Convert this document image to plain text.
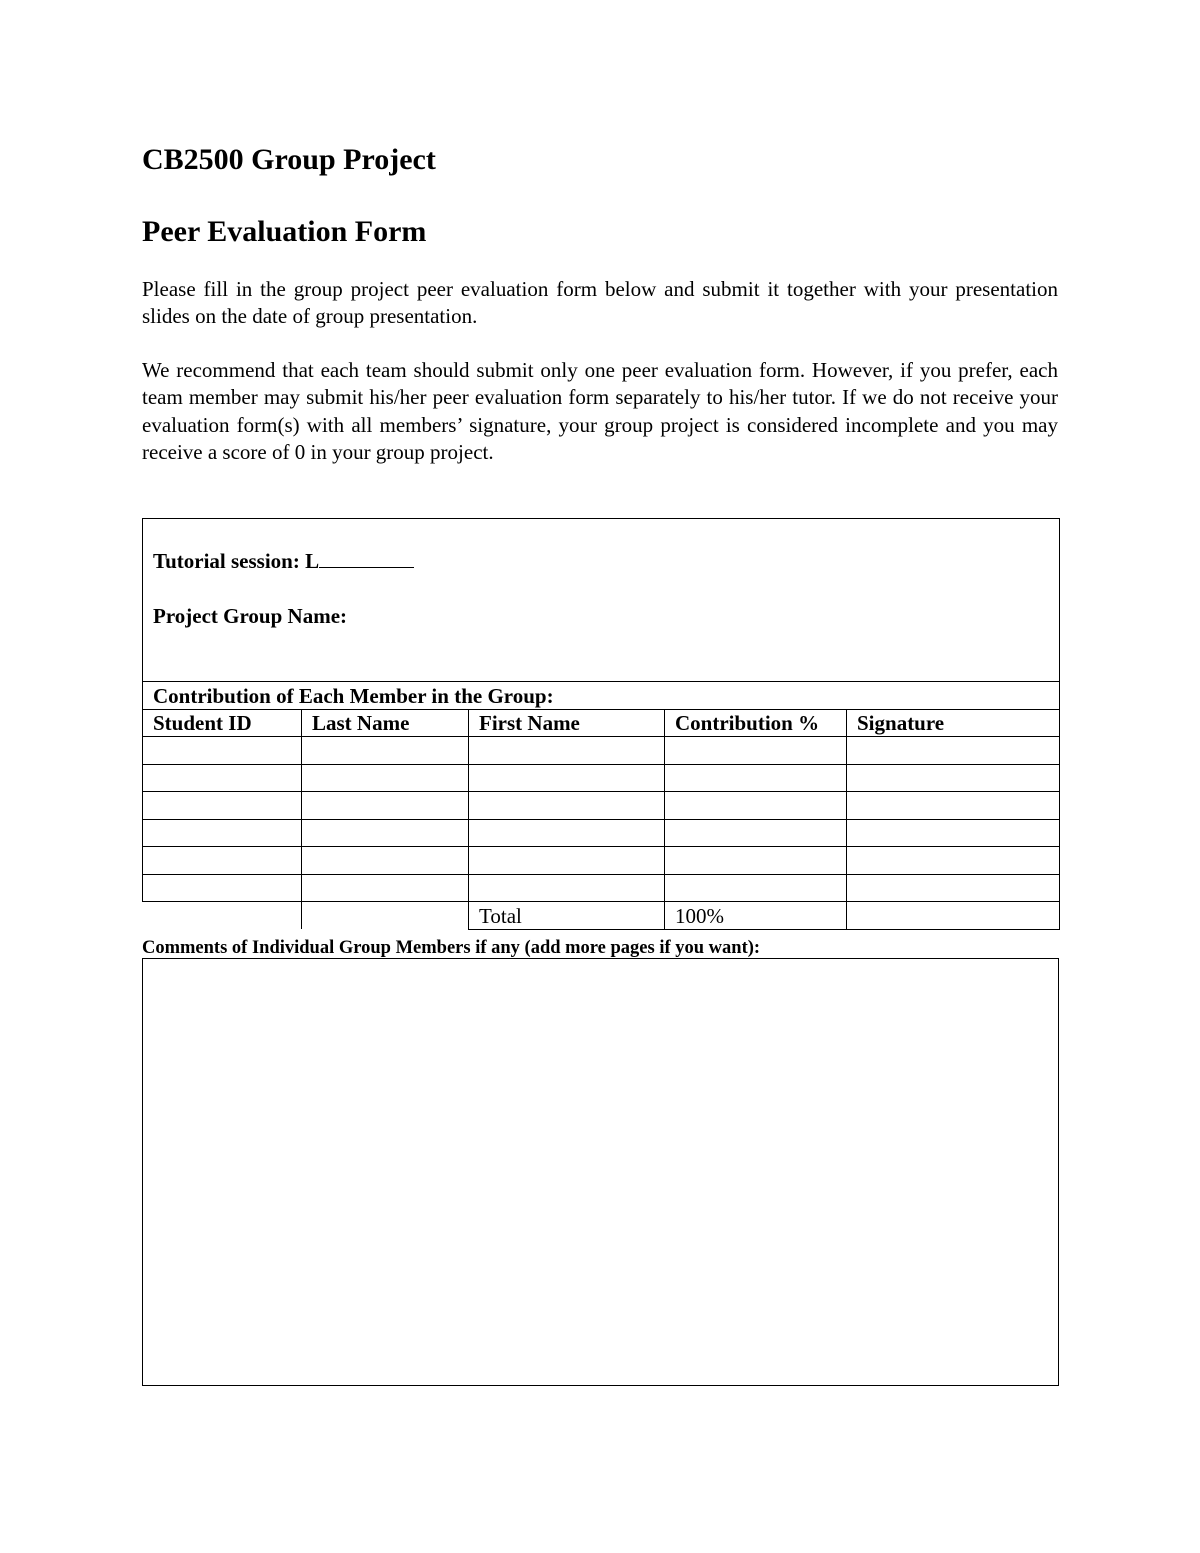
CB2500 Group Project
Peer Evaluation Form

Please fill in the group project peer evaluation form below and submit it together with your presentation slides on the date of group presentation.

We recommend that each team should submit only one peer evaluation form. However, if you prefer, each team member may submit his/her peer evaluation form separately to his/her tutor. If we do not receive your evaluation form(s) with all members’ signature, your group project is considered incomplete and you may receive a score of 0 in your group project.

Tutorial session: L
Project Group Name:				

Contribution of Each Member in the Group:				
Student ID	Last Name	First Name	Contribution %	Signature

		Total	100%	

Comments of Individual Group Members if any (add more pages if you want):
